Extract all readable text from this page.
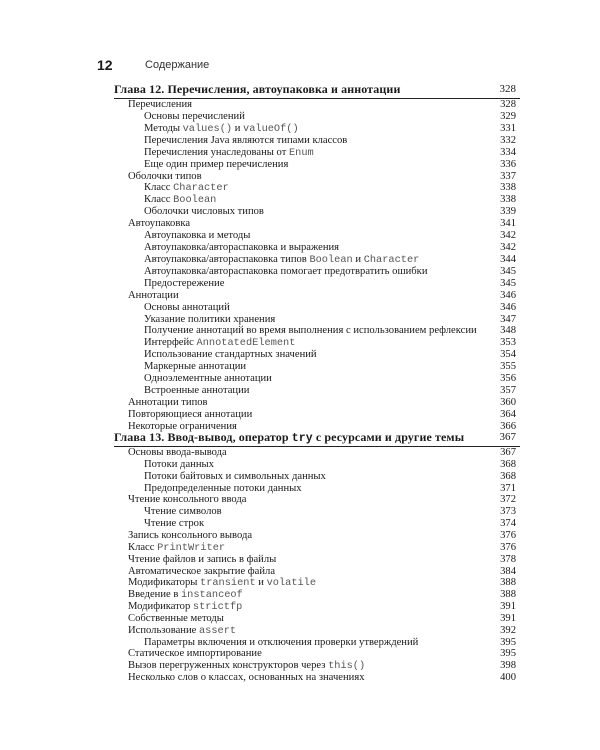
12	Содержание
Глава 12. Перечисления, автоупаковка и аннотации	328
Перечисления	328
Основы перечислений	329
Методы values() и valueOf()	331
Перечисления Java являются типами классов	332
Перечисления унаследованы от Enum	334
Еще один пример перечисления	336
Оболочки типов	337
Класс Character	338
Класс Boolean	338
Оболочки числовых типов	339
Автоупаковка	341
Автоупаковка и методы	342
Автоупаковка/автораспаковка и выражения	342
Автоупаковка/автораспаковка типов Boolean и Character	344
Автоупаковка/автораспаковка помогает предотвратить ошибки	345
Предостережение	345
Аннотации	346
Основы аннотаций	346
Указание политики хранения	347
Получение аннотаций во время выполнения с использованием рефлексии 348
Интерфейс AnnotatedElement	353
Использование стандартных значений	354
Маркерные аннотации	355
Одноэлементные аннотации	356
Встроенные аннотации	357
Аннотации типов	360
Повторяющиеся аннотации	364
Некоторые ограничения	366
Глава 13. Ввод-вывод, оператор try с ресурсами и другие темы	367
Основы ввода-вывода	367
Потоки данных	368
Потоки байтовых и символьных данных	368
Предопределенные потоки данных	371
Чтение консольного ввода	372
Чтение символов	373
Чтение строк	374
Запись консольного вывода	376
Класс PrintWriter	376
Чтение файлов и запись в файлы	378
Автоматическое закрытие файла	384
Модификаторы transient и volatile	388
Введение в instanceof	388
Модификатор strictfp	391
Собственные методы	391
Использование assert	392
Параметры включения и отключения проверки утверждений	395
Статическое импортирование	395
Вызов перегруженных конструкторов через this()	398
Несколько слов о классах, основанных на значениях	400
